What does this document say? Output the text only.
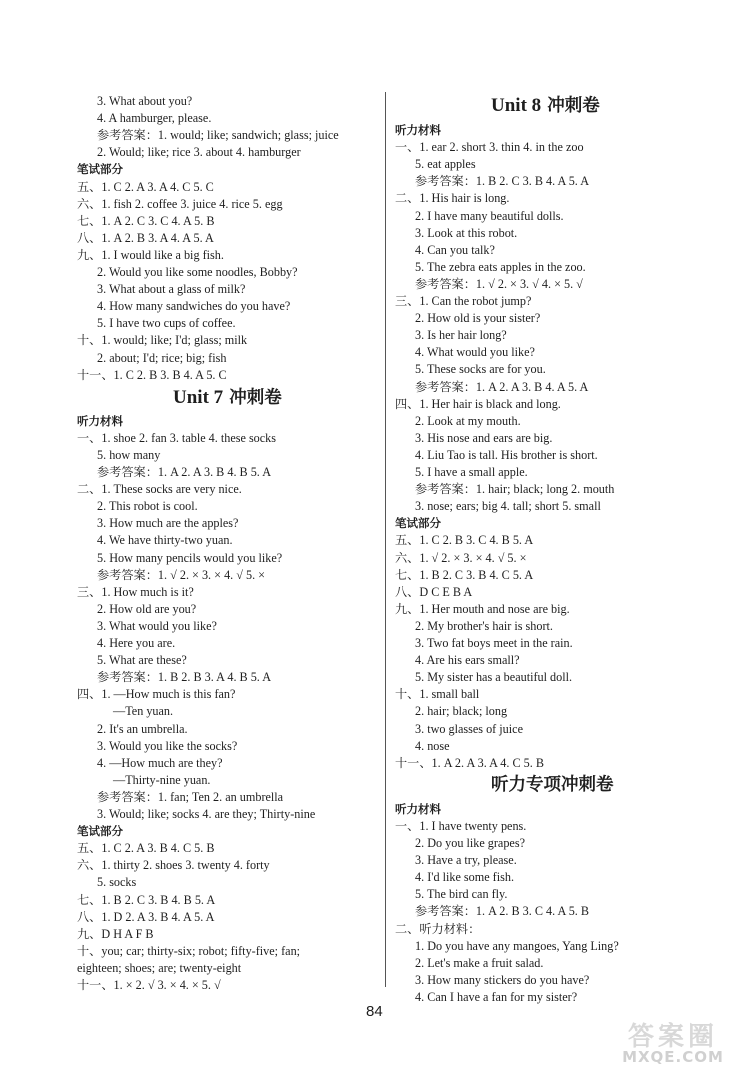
3. What about you?
4. A hamburger, please.
参考答案：1. would; like; sandwich; glass; juice
2. Would; like; rice 3. about 4. hamburger
笔试部分
五、1. C 2. A 3. A 4. C 5. C
六、1. fish 2. coffee 3. juice 4. rice 5. egg
七、1. A 2. C 3. C 4. A 5. B
八、1. A 2. B 3. A 4. A 5. A
九、1. I would like a big fish.
2. Would you like some noodles, Bobby?
3. What about a glass of milk?
4. How many sandwiches do you have?
5. I have two cups of coffee.
十、1. would; like; I'd; glass; milk
2. about; I'd; rice; big; fish
十一、1. C 2. B 3. B 4. A 5. C
Unit 7 冲刺卷
听力材料
一、1. shoe 2. fan 3. table 4. these socks
5. how many
参考答案：1. A 2. A 3. B 4. B 5. A
二、1. These socks are very nice.
2. This robot is cool.
3. How much are the apples?
4. We have thirty-two yuan.
5. How many pencils would you like?
参考答案：1. √ 2. × 3. × 4. √ 5. ×
三、1. How much is it?
2. How old are you?
3. What would you like?
4. Here you are.
5. What are these?
参考答案：1. B 2. B 3. A 4. B 5. A
四、1. —How much is this fan?
—Ten yuan.
2. It's an umbrella.
3. Would you like the socks?
4. —How much are they?
—Thirty-nine yuan.
参考答案：1. fan; Ten 2. an umbrella
3. Would; like; socks 4. are they; Thirty-nine
笔试部分
五、1. C 2. A 3. B 4. C 5. B
六、1. thirty 2. shoes 3. twenty 4. forty
5. socks
七、1. B 2. C 3. B 4. B 5. A
八、1. D 2. A 3. B 4. A 5. A
九、D H A F B
十、you; car; thirty-six; robot; fifty-five; fan;
eighteen; shoes; are; twenty-eight
十一、1. × 2. √ 3. × 4. × 5. √
Unit 8 冲刺卷
听力材料
一、1. ear 2. short 3. thin 4. in the zoo
5. eat apples
参考答案：1. B 2. C 3. B 4. A 5. A
二、1. His hair is long.
2. I have many beautiful dolls.
3. Look at this robot.
4. Can you talk?
5. The zebra eats apples in the zoo.
参考答案：1. √ 2. × 3. √ 4. × 5. √
三、1. Can the robot jump?
2. How old is your sister?
3. Is her hair long?
4. What would you like?
5. These socks are for you.
参考答案：1. A 2. A 3. B 4. A 5. A
四、1. Her hair is black and long.
2. Look at my mouth.
3. His nose and ears are big.
4. Liu Tao is tall. His brother is short.
5. I have a small apple.
参考答案：1. hair; black; long 2. mouth
3. nose; ears; big 4. tall; short 5. small
笔试部分
五、1. C 2. B 3. C 4. B 5. A
六、1. √ 2. × 3. × 4. √ 5. ×
七、1. B 2. C 3. B 4. C 5. A
八、D C E B A
九、1. Her mouth and nose are big.
2. My brother's hair is short.
3. Two fat boys meet in the rain.
4. Are his ears small?
5. My sister has a beautiful doll.
十、1. small ball
2. hair; black; long
3. two glasses of juice
4. nose
十一、1. A 2. A 3. A 4. C 5. B
听力专项冲刺卷
听力材料
一、1. I have twenty pens.
2. Do you like grapes?
3. Have a try, please.
4. I'd like some fish.
5. The bird can fly.
参考答案：1. A 2. B 3. C 4. A 5. B
二、听力材料：
1. Do you have any mangoes, Yang Ling?
2. Let's make a fruit salad.
3. How many stickers do you have?
4. Can I have a fan for my sister?
84
答案圈
MXQE.COM
